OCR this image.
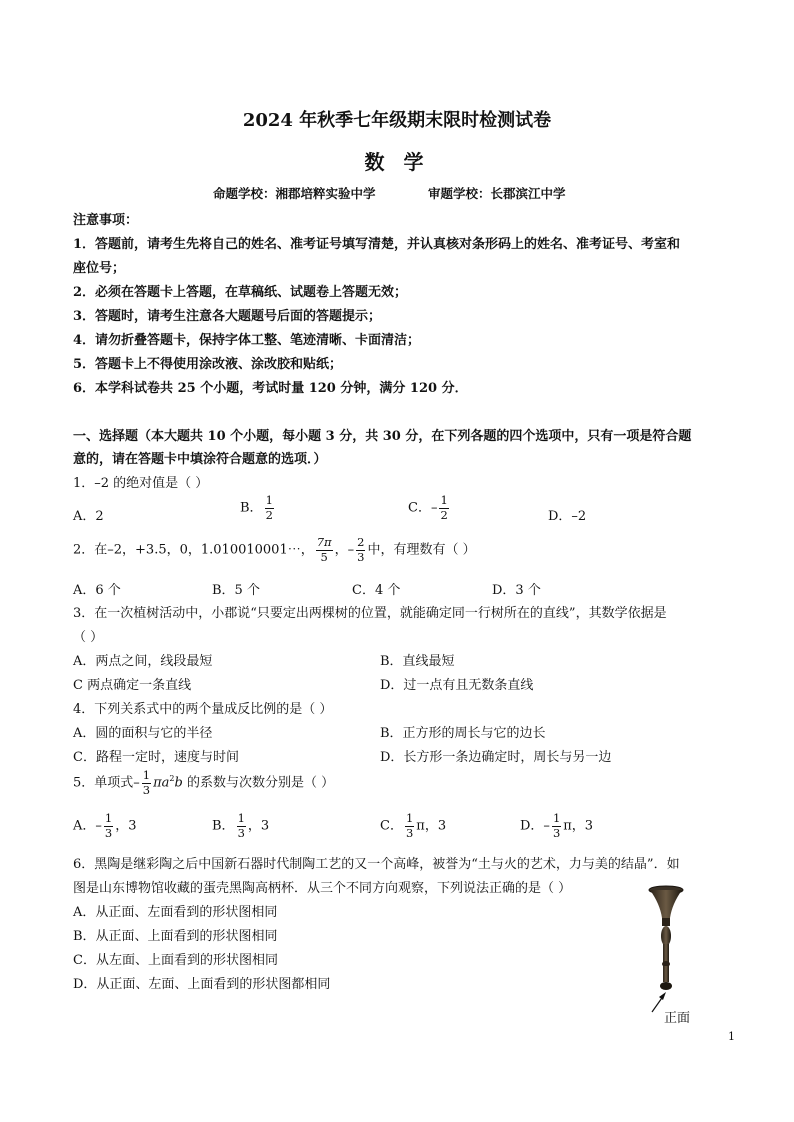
2024 年秋季七年级期末限时检测试卷
数 学
命题学校：湘郡培粹实验中学	审题学校：长郡滨江中学
注意事项：
1．答题前，请考生先将自己的姓名、准考证号填写清楚，并认真核对条形码上的姓名、准考证号、考室和
座位号；
2．必须在答题卡上答题，在草稿纸、试题卷上答题无效；
3．答题时，请考生注意各大题题号后面的答题提示；
4．请勿折叠答题卡，保持字体工整、笔迹清晰、卡面清洁；
5．答题卡上不得使用涂改液、涂改胶和贴纸；
6．本学科试卷共 25 个小题，考试时量 120 分钟，满分 120 分．
一、选择题（本大题共 10 个小题，每小题 3 分，共 30 分，在下列各题的四个选项中，只有一项是符合题
意的，请在答题卡中填涂符合题意的选项．）
1．–2 的绝对值是（ ）
A．2
B． $\frac{1}{2}$	C．– $\frac{1}{2}$	D．–2
2．在–2，+3.5，0，1.010010001⋯， $\frac{7\pi}{5}$ ，– $\frac{2}{3}$ 中，有理数有（ ）
A．6 个	B．5 个	C．4 个	D．3 个
3．在一次植树活动中，小郡说“只要定出两棵树的位置，就能确定同一行树所在的直线”，其数学依据是
（ ）
A．两点之间，线段最短	B．直线最短
C 两点确定一条直线	D．过一点有且无数条直线
4．下列关系式中的两个量成反比例的是（ ）
A．圆的面积与它的半径	B．正方形的周长与它的边长
C．路程一定时，速度与时间	D．长方形一条边确定时，周长与另一边
5．单项式– $\frac{1}{3} \pi a^2b$ 的系数与次数分别是（ ）
A．– $\frac{1}{3}$ ，3	B． $\frac{1}{3}$ ，3	C． $\frac{1}{3}$ π，3	D．– $\frac{1}{3}$ π，3
6．黑陶是继彩陶之后中国新石器时代制陶工艺的又一个高峰，被誉为“土与火的艺术，力与美的结晶”．如
图是山东博物馆收藏的蛋壳黑陶高柄杯．从三个不同方向观察，下列说法正确的是（ ）
A．从正面、左面看到的形状图相同
B．从正面、上面看到的形状图相同
C．从左面、上面看到的形状图相同
D．从正面、左面、上面看到的形状图都相同
正面
1
